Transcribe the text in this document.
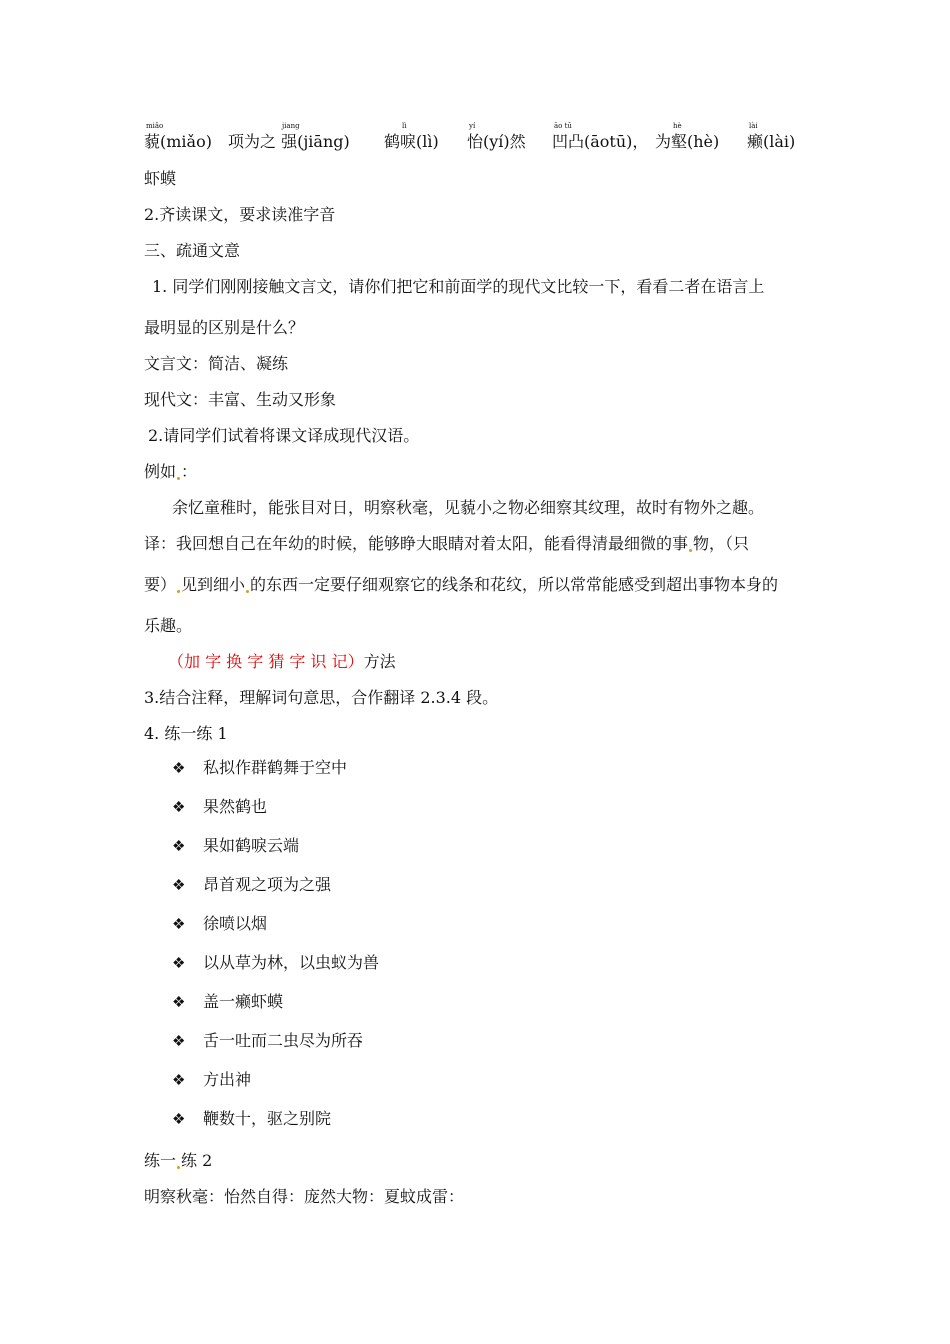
miǎo
藐(miǎo)
jiang
项为之 强(jiāng)
lì
鹤唳(lì)
yí
怡(yí)然
āo tū
凹凸(āotū)，
hè
为壑(hè)
lài
癞(lài)
虾蟆
2.齐读课文，要求读准字音
三、疏通文意
1. 同学们刚刚接触文言文，请你们把它和前面学的现代文比较一下，看看二者在语言上
最明显的区别是什么？
文言文：简洁、凝练
现代文：丰富、生动又形象
2.请同学们试着将课文译成现代汉语。
例如 ：
余忆童稚时，能张目对日，明察秋毫，见藐小之物必细察其纹理，故时有物外之趣。
译：我回想自己在年幼的时候，能够睁大眼睛对着太阳，能看得清最细微的事 物，（只
要） 见到细小 的东西一定要仔细观察它的线条和花纹，所以常常能感受到超出事物本身的
乐趣。
（加 字 换 字 猜 字 识 记）方法
3.结合注释，理解词句意思，合作翻译 2.3.4 段。
4. 练一练 1
❖ 私拟作群鹤舞于空中
❖ 果然鹤也
❖ 果如鹤唳云端
❖ 昂首观之项为之强
❖ 徐喷以烟
❖ 以从草为林，以虫蚁为兽
❖ 盖一癞虾蟆
❖ 舌一吐而二虫尽为所吞
❖ 方出神
❖ 鞭数十，驱之别院
练一 练 2
明察秋毫：怡然自得：庞然大物：夏蚊成雷：
